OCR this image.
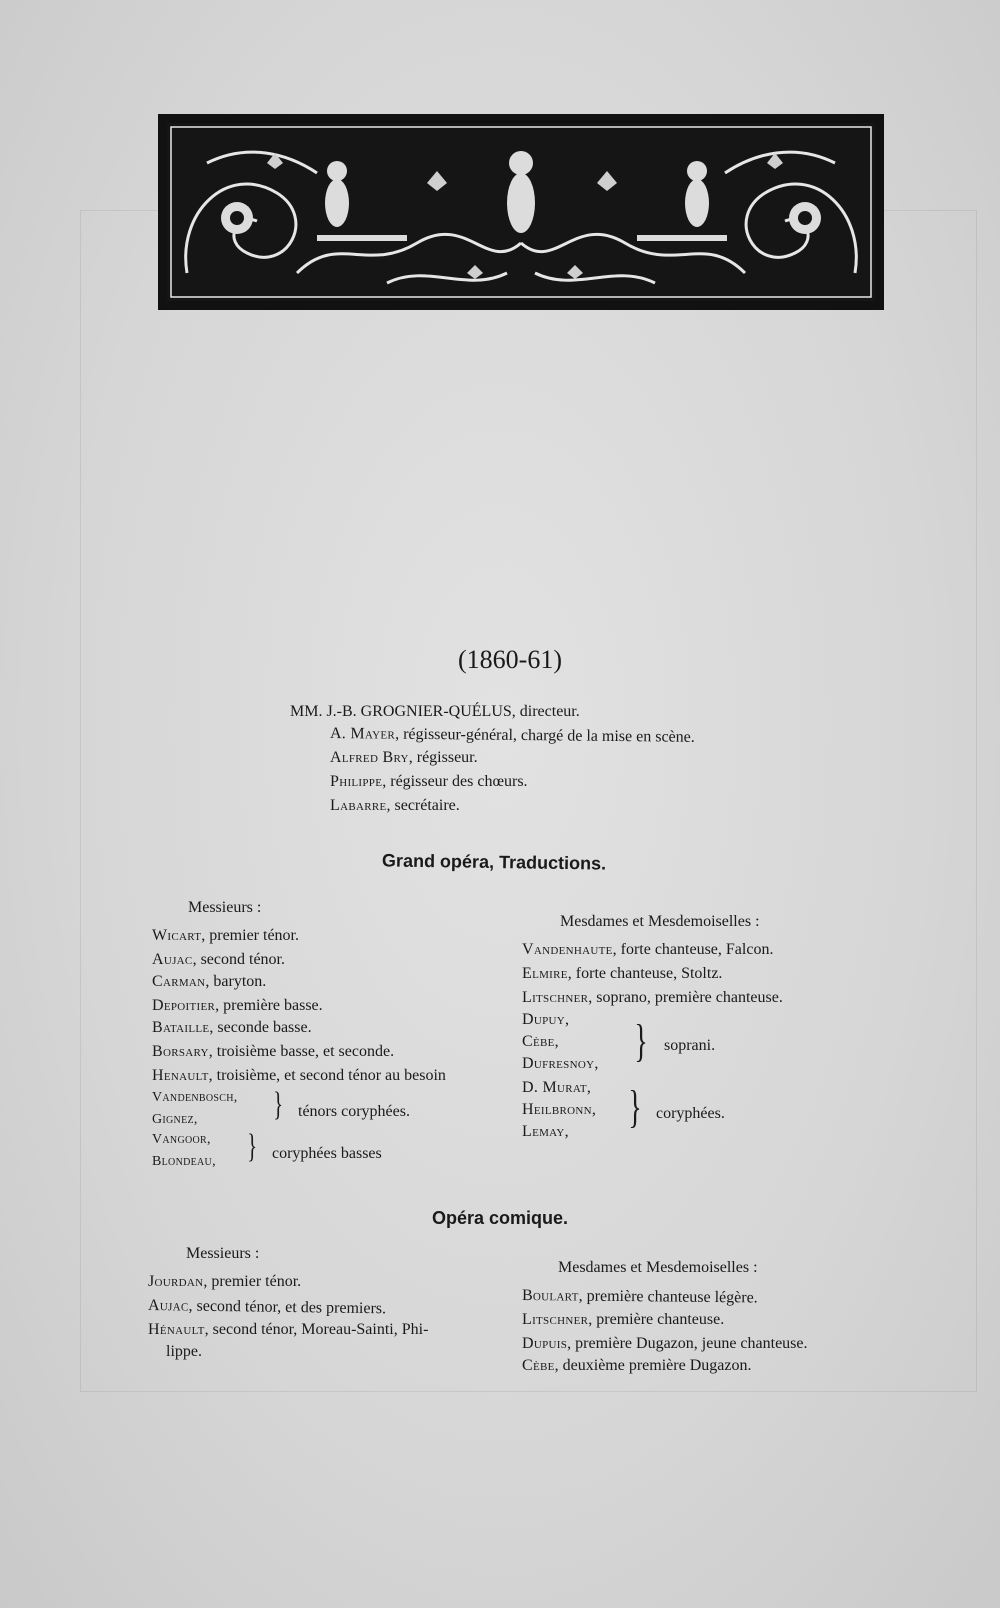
(1860-61)
MM. J.-B. GROGNIER-QUÉLUS, directeur.
A. Mayer, régisseur-général, chargé de la mise en scène.
Alfred Bry, régisseur.
Philippe, régisseur des chœurs.
Labarre, secrétaire.
Grand opéra, Traductions.
Messieurs :
Wicart, premier ténor.
Aujac, second ténor.
Carman, baryton.
Depoitier, première basse.
Bataille, seconde basse.
Borsary, troisième basse, et seconde.
Henault, troisième, et second ténor au besoin
Vandenbosch,
Gignez, } ténors coryphées.
Vangoor,
Blondeau, } coryphées basses
Mesdames et Mesdemoiselles :
Vandenhaute, forte chanteuse, Falcon.
Elmire, forte chanteuse, Stoltz.
Litschner, soprano, première chanteuse.
Dupuy,
Cèbe,
Dufresnoy, } soprani.
D. Murat,
Heilbronn,
Lemay, } coryphées.
Opéra comique.
Messieurs :
Jourdan, premier ténor.
Aujac, second ténor, et des premiers.
Hénault, second ténor, Moreau-Sainti, Phi-
lippe.
Mesdames et Mesdemoiselles :
Boulart, première chanteuse légère.
Litschner, première chanteuse.
Dupuis, première Dugazon, jeune chanteuse.
Cèbe, deuxième première Dugazon.
